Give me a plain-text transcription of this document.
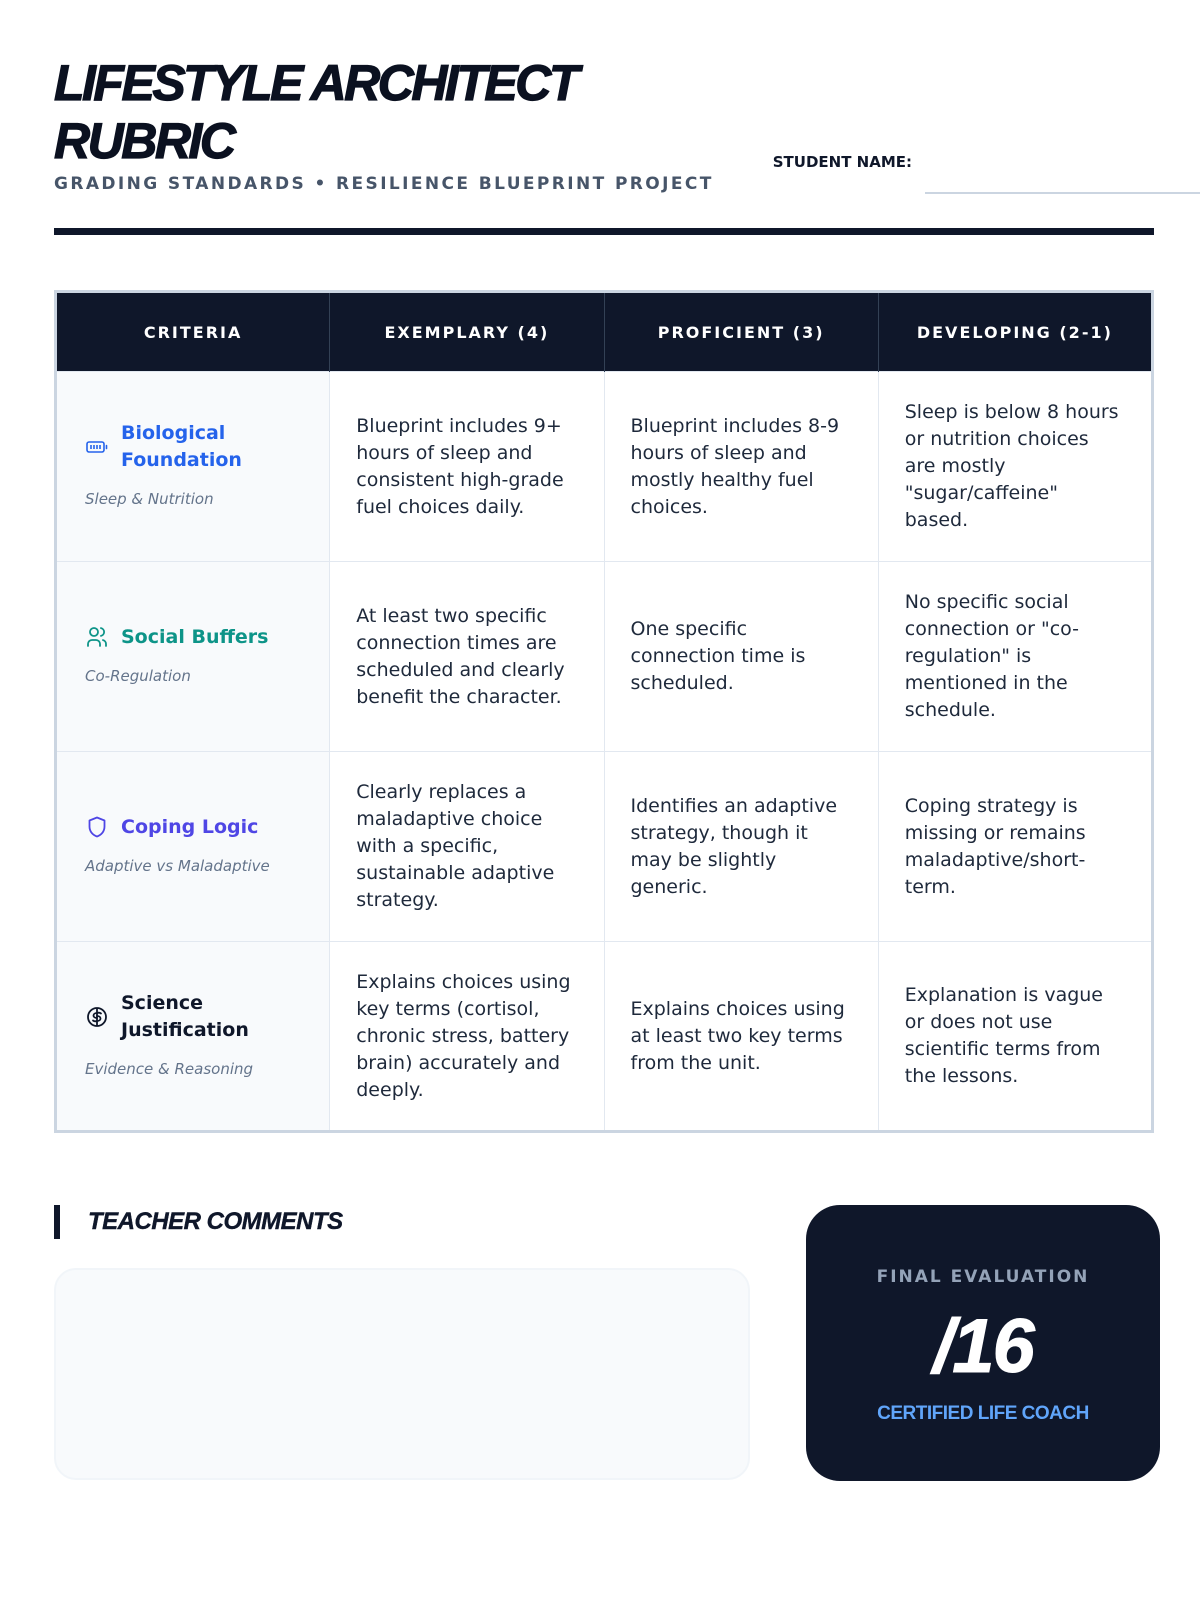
LIFESTYLE ARCHITECT RUBRIC
GRADING STANDARDS • RESILIENCE BLUEPRINT PROJECT
STUDENT NAME:
CRITERIA	EXEMPLARY (4)	PROFICIENT (3)	DEVELOPING (2-1)

Biological Foundation
Sleep & Nutrition	Blueprint includes 9+ hours of sleep and consistent high-grade fuel choices daily.	Blueprint includes 8-9 hours of sleep and mostly healthy fuel choices.	Sleep is below 8 hours or nutrition choices are mostly "sugar/caffeine" based.

Social Buffers
Co-Regulation	At least two specific connection times are scheduled and clearly benefit the character.	One specific connection time is scheduled.	No specific social connection or "co-regulation" is mentioned in the schedule.

Coping Logic
Adaptive vs Maladaptive	Clearly replaces a maladaptive choice with a specific, sustainable adaptive strategy.	Identifies an adaptive strategy, though it may be slightly generic.	Coping strategy is missing or remains maladaptive/short-term.

Science Justification
Evidence & Reasoning	Explains choices using key terms (cortisol, chronic stress, battery brain) accurately and deeply.	Explains choices using at least two key terms from the unit.	Explanation is vague or does not use scientific terms from the lessons.
TEACHER COMMENTS
FINAL EVALUATION
/16
CERTIFIED LIFE COACH
